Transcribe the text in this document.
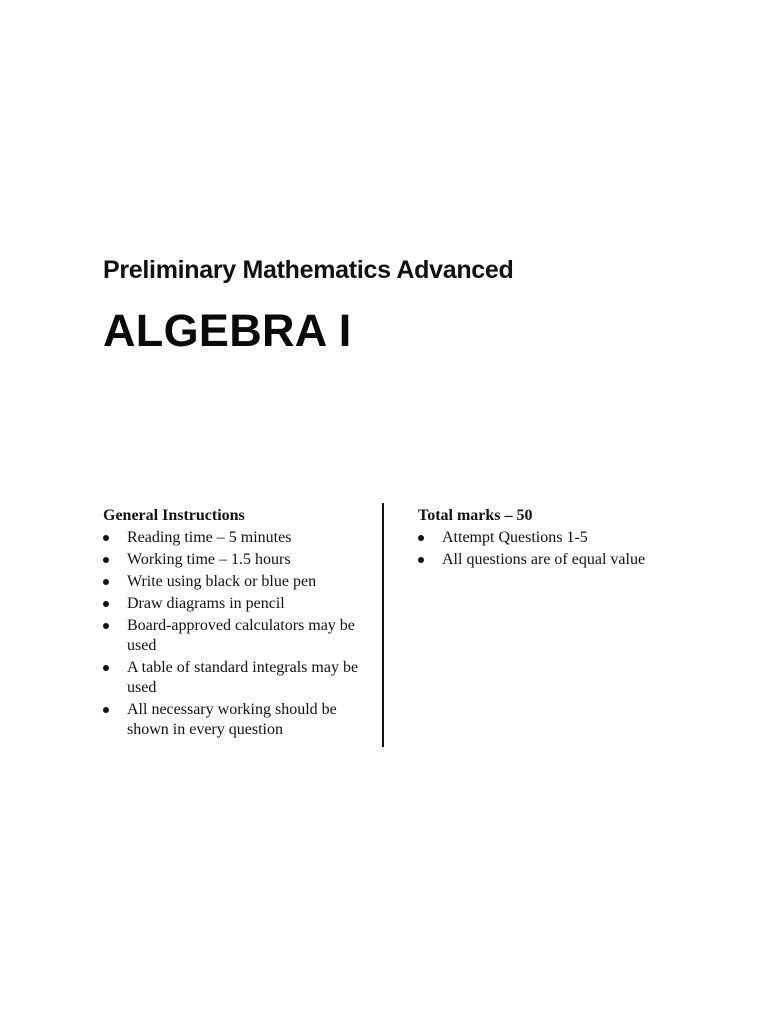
Preliminary Mathematics Advanced
ALGEBRA I
General Instructions
Reading time – 5 minutes
Working time – 1.5 hours
Write using black or blue pen
Draw diagrams in pencil
Board-approved calculators may be used
A table of standard integrals may be used
All necessary working should be shown in every question
Total marks – 50
Attempt Questions 1-5
All questions are of equal value
